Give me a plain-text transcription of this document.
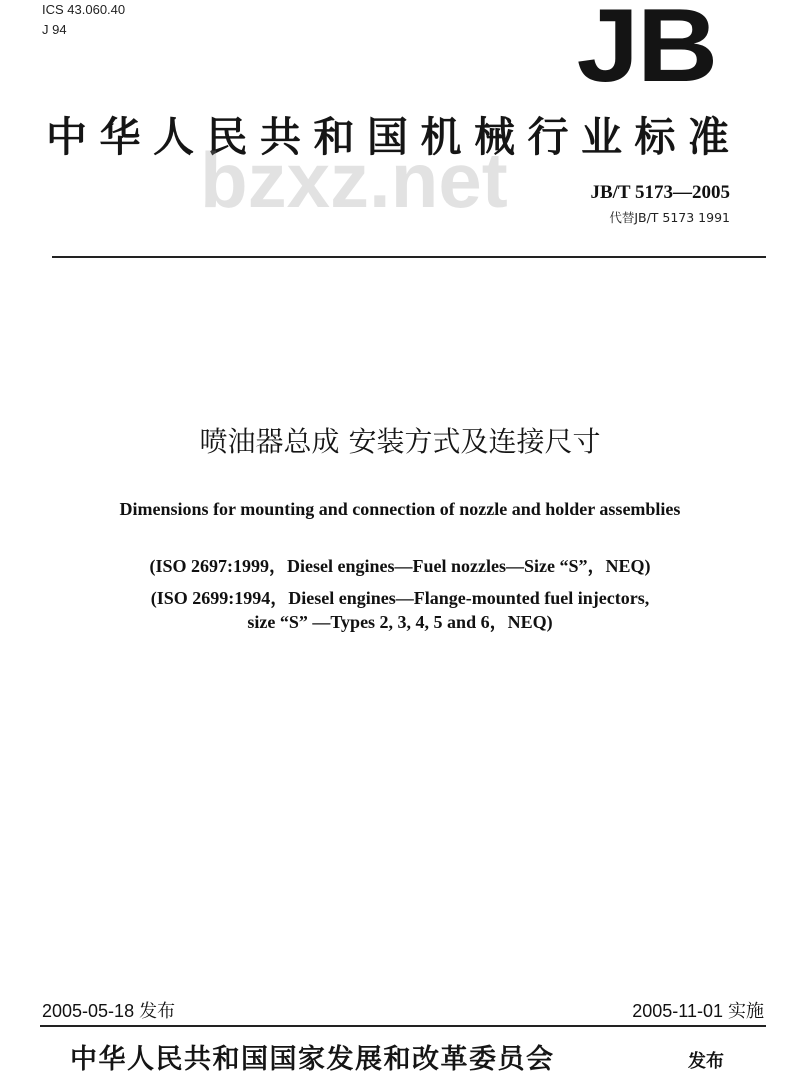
ICS 43.060.40
J 94	JB
中华人民共和国机械行业标准
bzxz.net	JB/T 5173—2005
代替JB/T 5173 1991
喷油器总成 安装方式及连接尺寸
Dimensions for mounting and connection of nozzle and holder assemblies
(ISO 2697:1999，Diesel engines—Fuel nozzles—Size “S”，NEQ)
(ISO 2699:1994，Diesel engines—Flange-mounted fuel injectors,
size “S” —Types 2, 3, 4, 5 and 6，NEQ)
2005-05-18 发布	2005-11-01 实施
中华人民共和国国家发展和改革委员会	发布
